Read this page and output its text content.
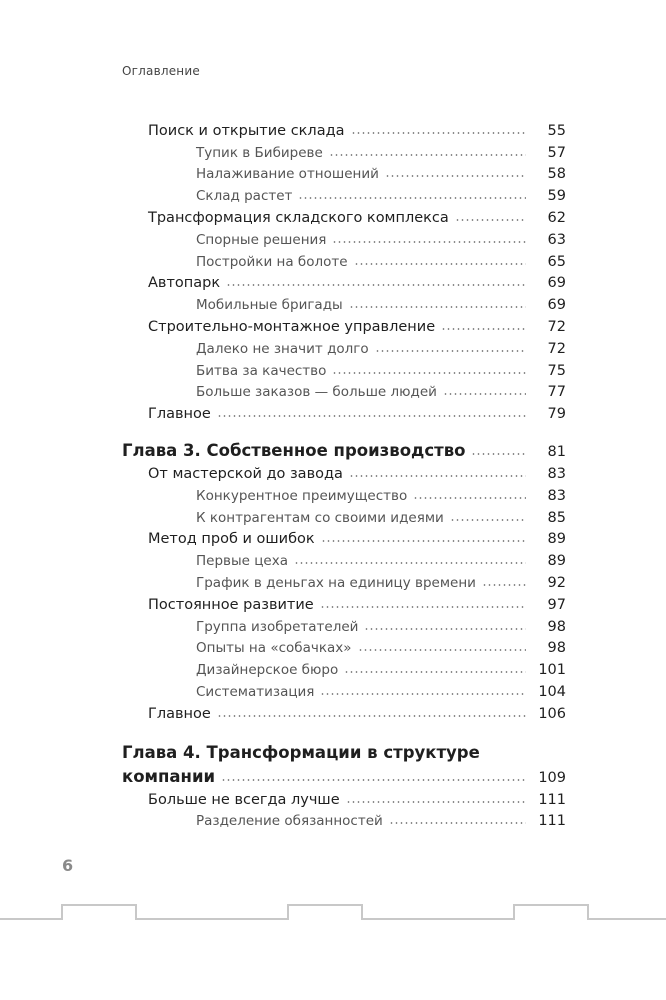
Оглавление
Поиск и открытие склада	55
Тупик в Бибиреве	57
Налаживание отношений	58
Склад растет	59
Трансформация складского комплекса	62
Спорные решения	63
Постройки на болоте	65
Автопарк	69
Мобильные бригады	69
Строительно-монтажное управление	72
Далеко не значит долго	72
Битва за качество	75
Больше заказов — больше людей	77
Главное	79
Глава 3. Собственное производство	81
От мастерской до завода	83
Конкурентное преимущество	83
К контрагентам со своими идеями	85
Метод проб и ошибок	89
Первые цеха	89
График в деньгах на единицу времени	92
Постоянное развитие	97
Группа изобретателей	98
Опыты на «собачках»	98
Дизайнерское бюро	101
Систематизация	104
Главное	106
Глава 4. Трансформации в структуре
компании	109
Больше не всегда лучше	111
Разделение обязанностей	111
6
